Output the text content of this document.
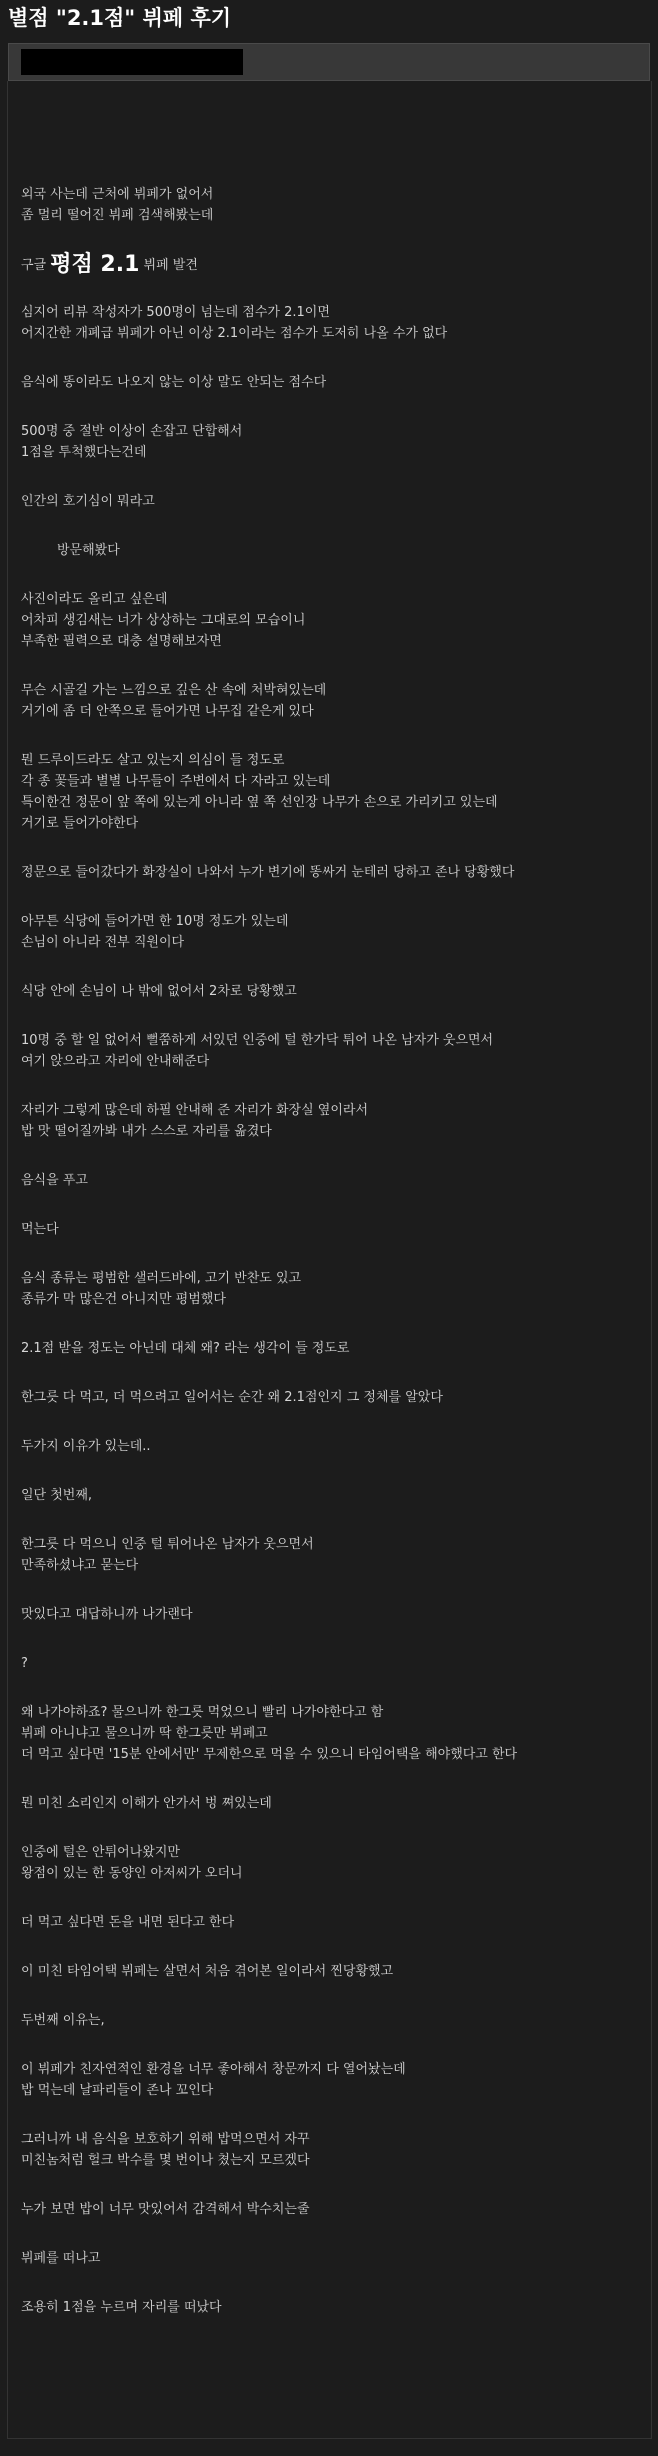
별점 "2.1점" 뷔페 후기
외국 사는데 근처에 뷔페가 없어서
좀 멀리 떨어진 뷔페 검색해봤는데
구글 평점 2.1 뷔페 발견
심지어 리뷰 작성자가 500명이 넘는데 점수가 2.1이면
어지간한 개폐급 뷔페가 아닌 이상 2.1이라는 점수가 도저히 나올 수가 없다
음식에 똥이라도 나오지 않는 이상 말도 안되는 점수다
500명 중 절반 이상이 손잡고 단합해서
1점을 투척했다는건데
인간의 호기심이 뭐라고
방문해봤다
사진이라도 올리고 싶은데
어차피 생김새는 너가 상상하는 그대로의 모습이니
부족한 필력으로 대충 설명해보자면
무슨 시골길 가는 느낌으로 깊은 산 속에 처박혀있는데
거기에 좀 더 안쪽으로 들어가면 나무집 같은게 있다
뭔 드루이드라도 살고 있는지 의심이 들 정도로
각 종 꽃들과 별별 나무들이 주변에서 다 자라고 있는데
특이한건 정문이 앞 쪽에 있는게 아니라 옆 쪽 선인장 나무가 손으로 가리키고 있는데
거기로 들어가야한다
정문으로 들어갔다가 화장실이 나와서 누가 변기에 똥싸거 눈테러 당하고 존나 당황했다
아무튼 식당에 들어가면 한 10명 정도가 있는데
손님이 아니라 전부 직원이다
식당 안에 손님이 나 밖에 없어서 2차로 당황했고
10명 중 할 일 없어서 뻘쭘하게 서있던 인중에 털 한가닥 튀어 나온 남자가 웃으면서
여기 앉으라고 자리에 안내해준다
자리가 그렇게 많은데 하필 안내해 준 자리가 화장실 옆이라서
밥 맛 떨어질까봐 내가 스스로 자리를 옮겼다
음식을 푸고
먹는다
음식 종류는 평범한 샐러드바에, 고기 반찬도 있고
종류가 막 많은건 아니지만 평범했다
2.1점 받을 정도는 아닌데 대체 왜? 라는 생각이 들 정도로
한그릇 다 먹고, 더 먹으려고 일어서는 순간 왜 2.1점인지 그 정체를 알았다
두가지 이유가 있는데..
일단 첫번째,
한그릇 다 먹으니 인중 털 튀어나온 남자가 웃으면서
만족하셨냐고 묻는다
맛있다고 대답하니까 나가랜다
?
왜 나가야하죠? 물으니까 한그릇 먹었으니 빨리 나가야한다고 함
뷔페 아니냐고 물으니까 딱 한그릇만 뷔페고
더 먹고 싶다면 '15분 안에서만' 무제한으로 먹을 수 있으니 타임어택을 해야했다고 한다
뭔 미친 소리인지 이해가 안가서 벙 쪄있는데
인중에 털은 안튀어나왔지만
왕점이 있는 한 동양인 아저씨가 오더니
더 먹고 싶다면 돈을 내면 된다고 한다
이 미친 타임어택 뷔페는 살면서 처음 겪어본 일이라서 찐당황했고
두번째 이유는,
이 뷔페가 친자연적인 환경을 너무 좋아해서 창문까지 다 열어놨는데
밥 먹는데 날파리들이 존나 꼬인다
그러니까 내 음식을 보호하기 위해 밥먹으면서 자꾸
미친놈처럼 헐크 박수를 몇 번이나 쳤는지 모르겠다
누가 보면 밥이 너무 맛있어서 감격해서 박수치는줄
뷔페를 떠나고
조용히 1점을 누르며 자리를 떠났다
